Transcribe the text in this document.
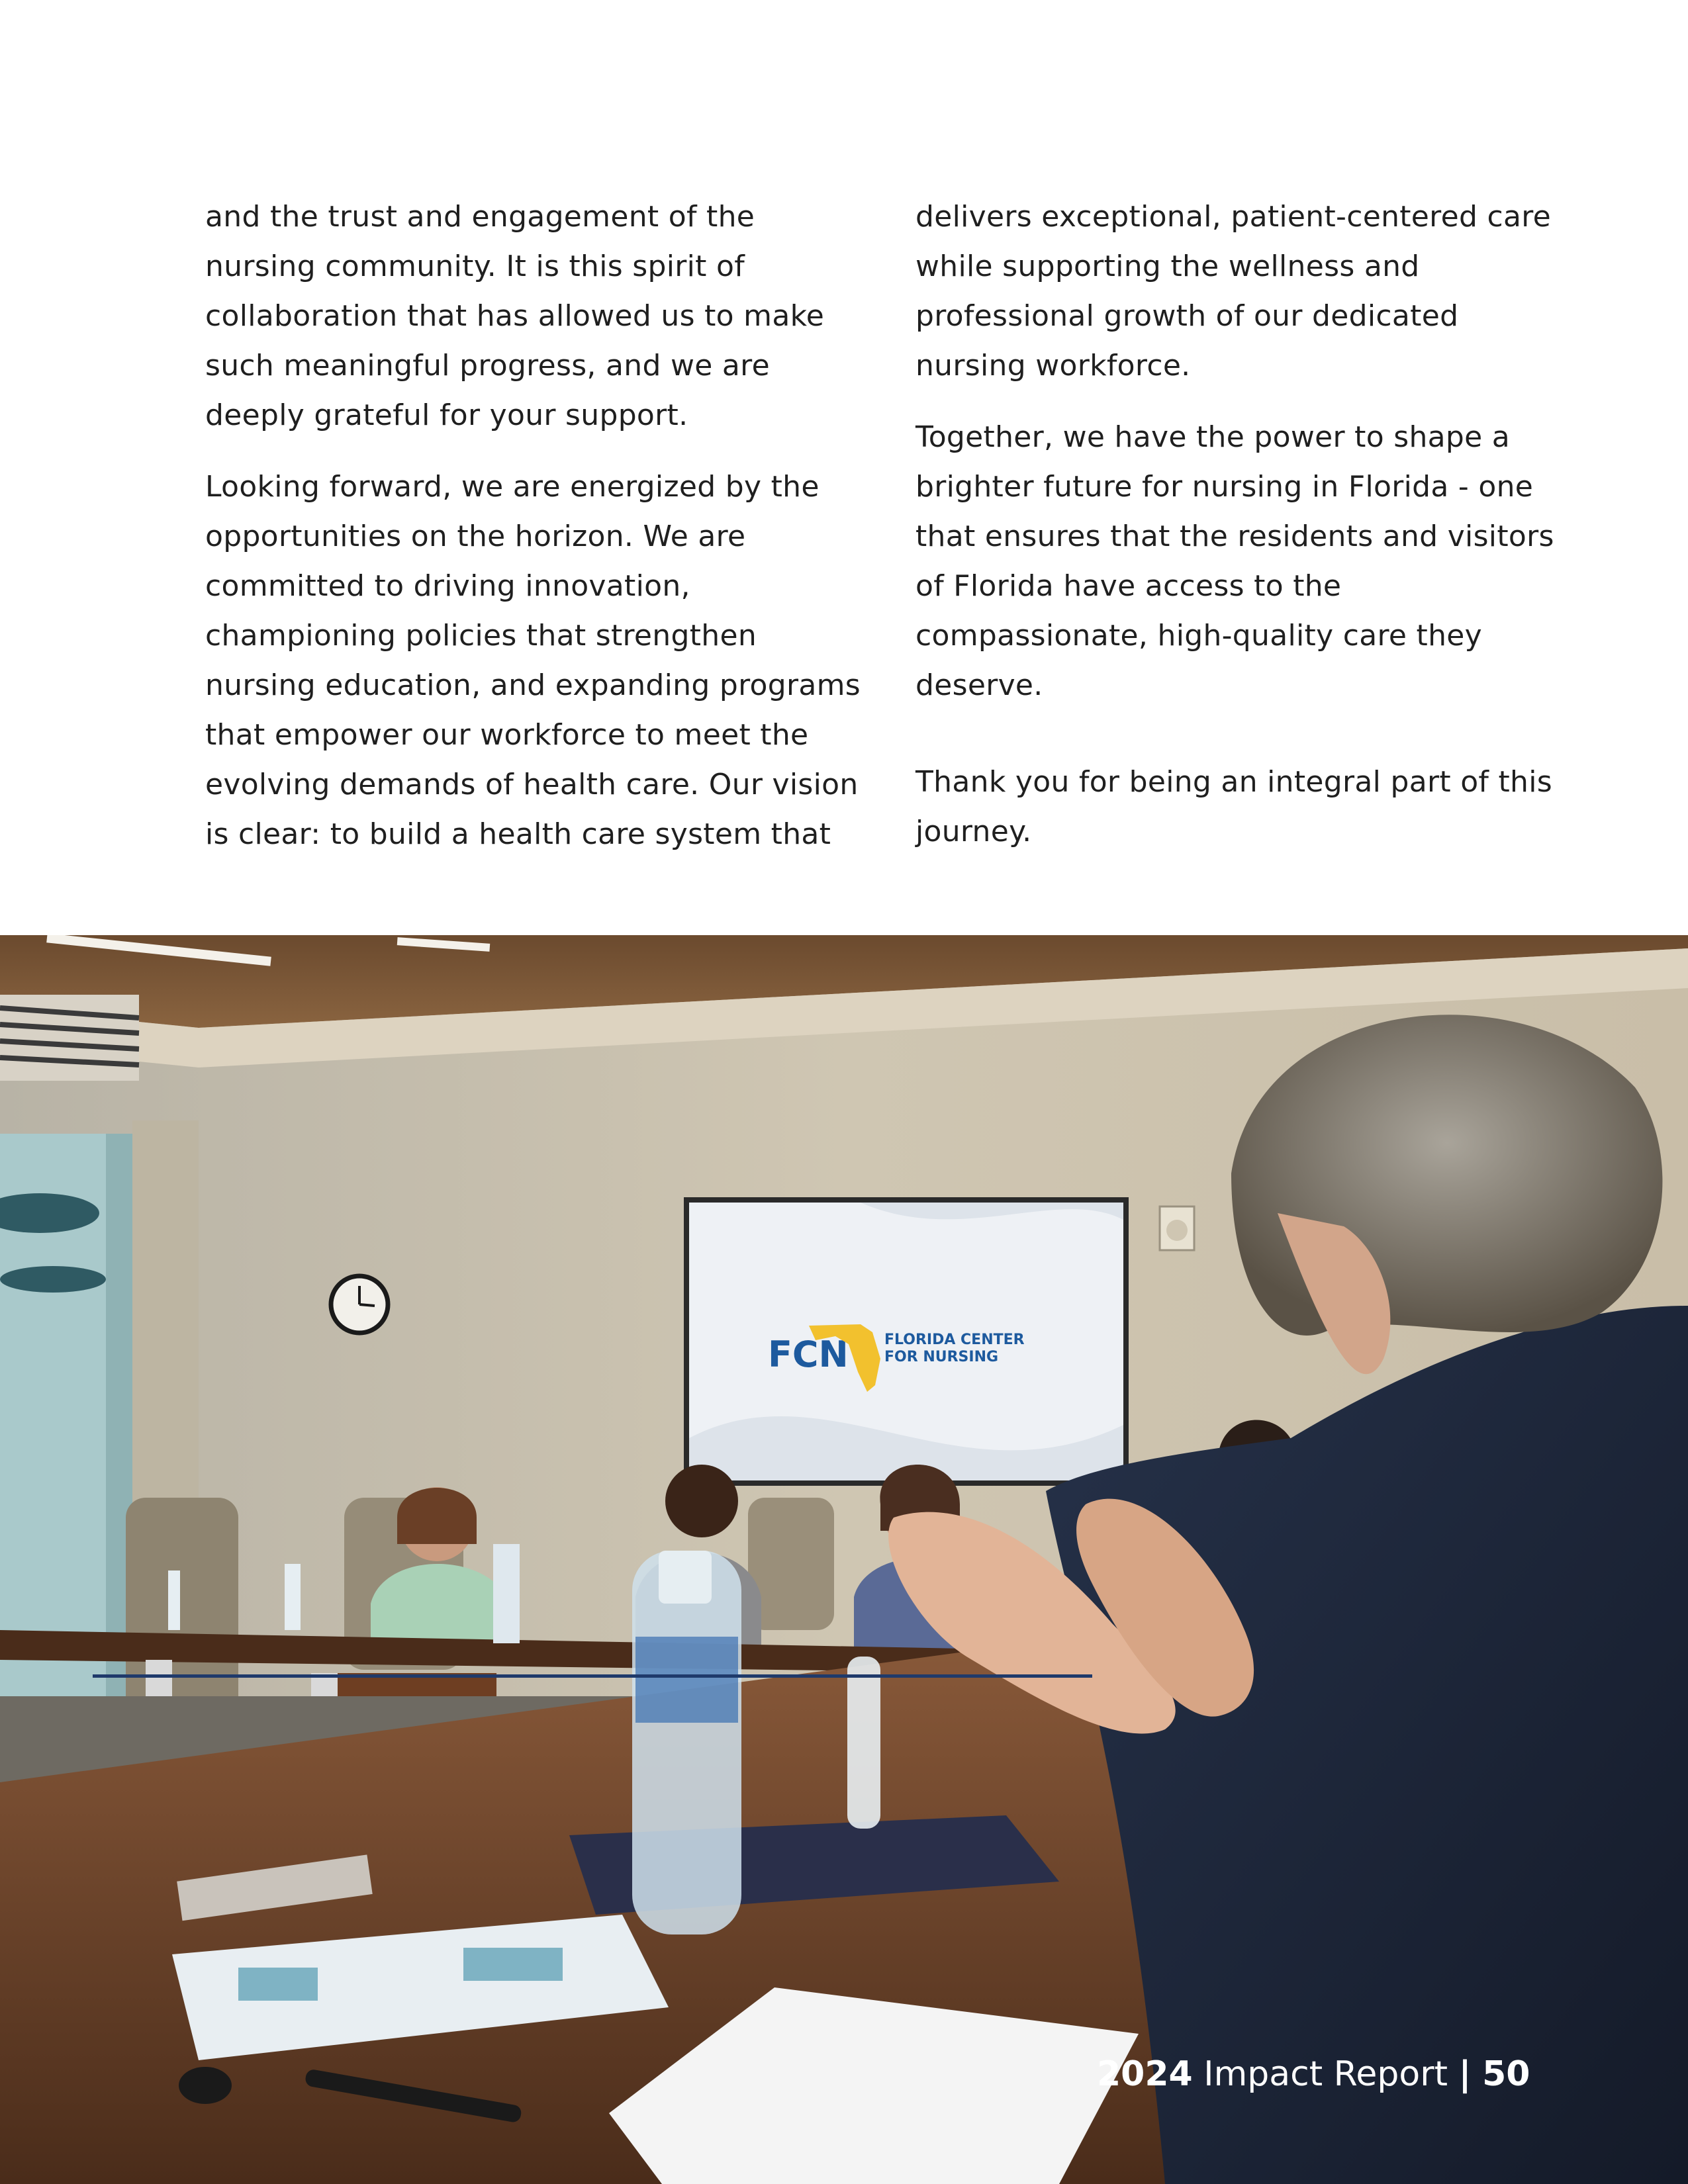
and the trust and engagement of the nursing community. It is this spirit of collaboration that has allowed us to make such meaningful progress, and we are deeply grateful for your support.

Looking forward, we are energized by the opportunities on the horizon. We are committed to driving innovation, championing policies that strengthen nursing education, and expanding programs that empower our workforce to meet the evolving demands of health care. Our vision is clear: to build a health care system that

delivers exceptional, patient-centered care while supporting the wellness and professional growth of our dedicated nursing workforce.

Together, we have the power to shape a brighter future for nursing in Florida - one that ensures that the residents and visitors of Florida have access to the compassionate, high-quality care they deserve.

Thank you for being an integral part of this journey.

FCN FLORIDA CENTER
FOR NURSING
2024 Impact Report | 50
